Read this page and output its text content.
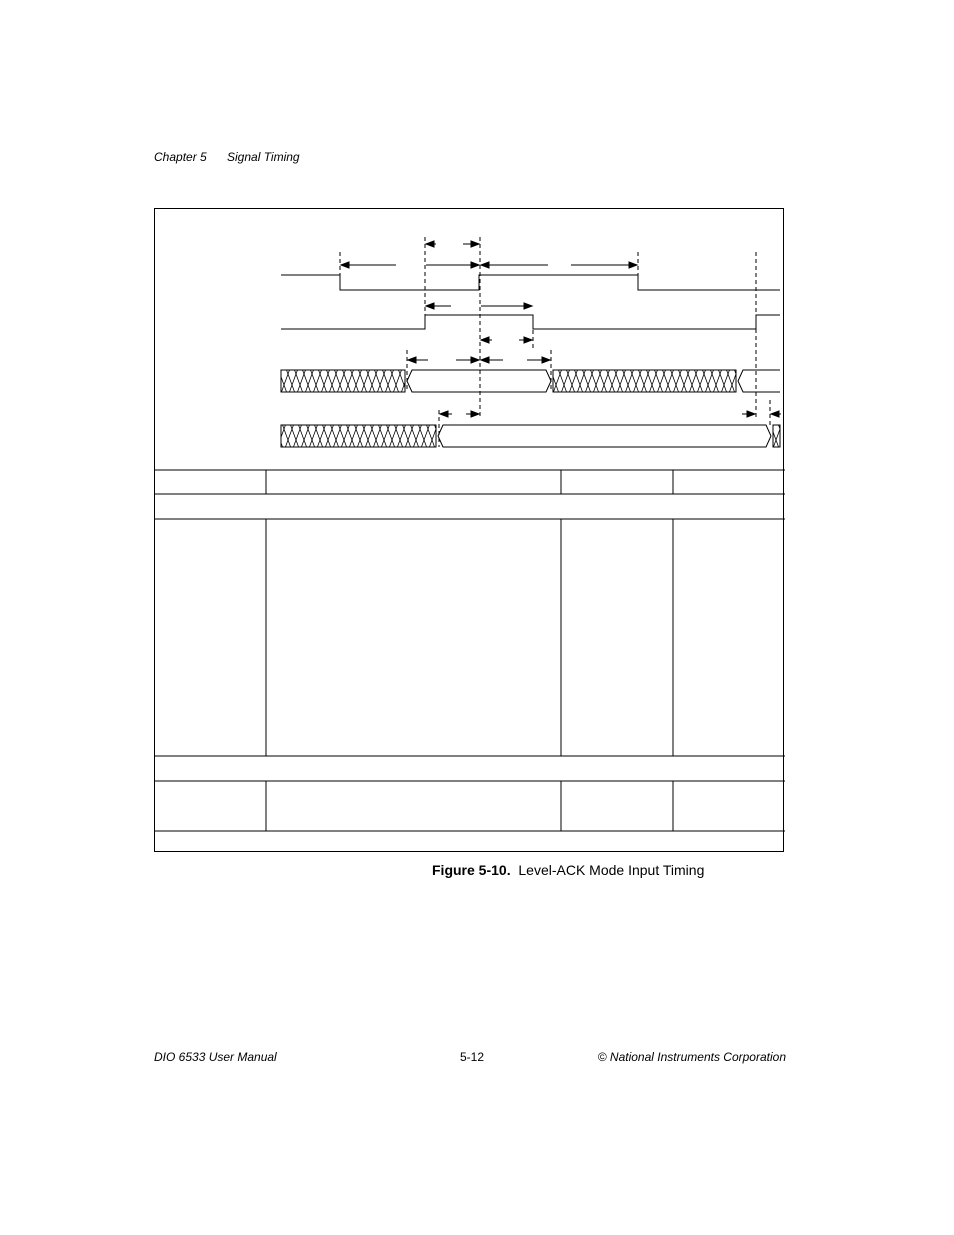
Chapter 5 Signal Timing
Figure 5-10. Level-ACK Mode Input Timing
DIO 6533 User Manual	5-12	© National Instruments Corporation
